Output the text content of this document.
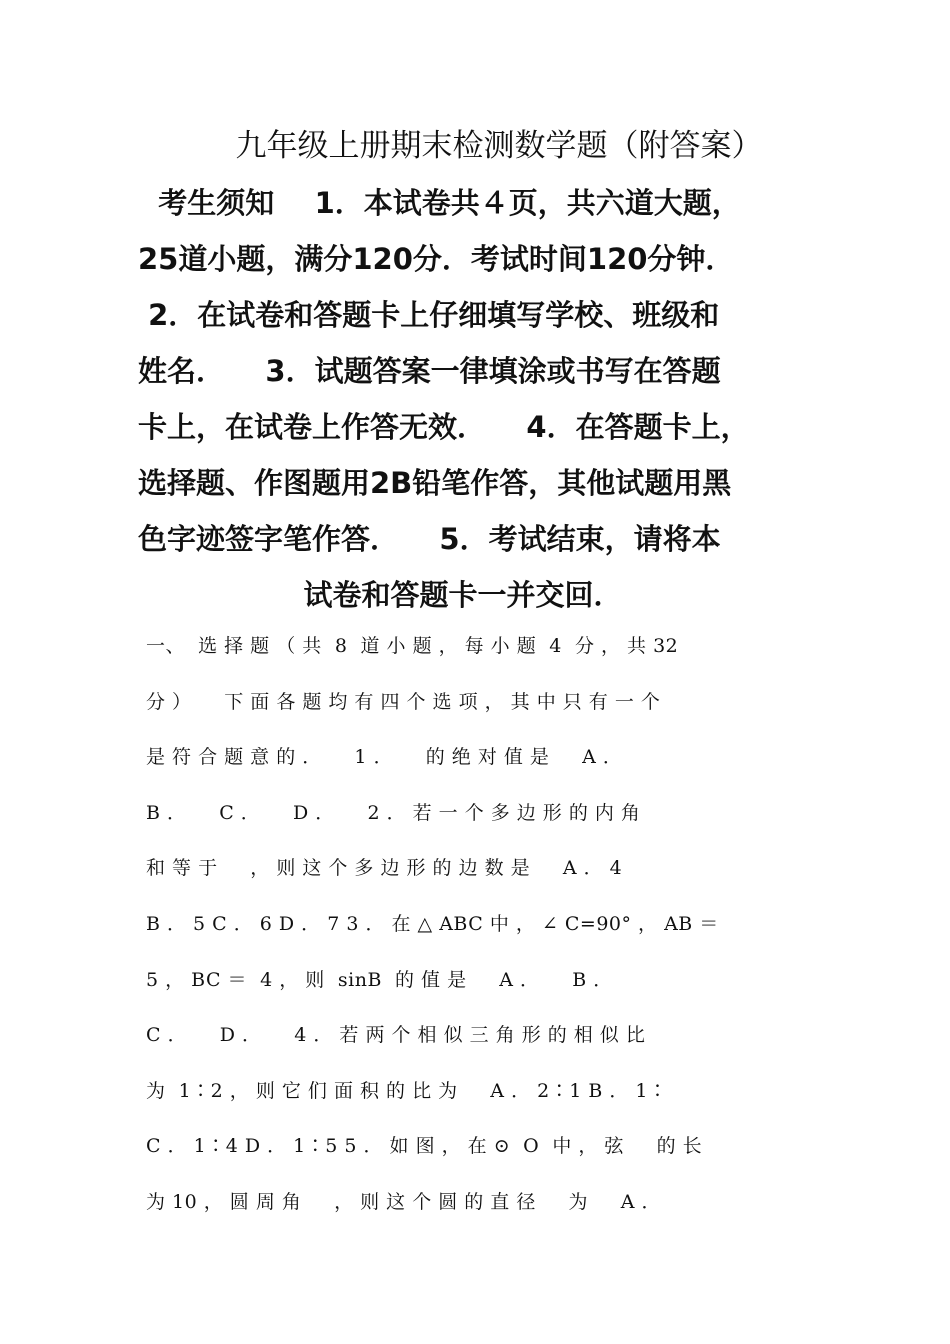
九年级上册期末检测数学题（附答案）
考生须知    1．本试卷共４页，共六道大题，
25道小题，满分120分．考试时间120分钟．
2．在试卷和答题卡上仔细填写学校、班级和
姓名．    3．试题答案一律填涂或书写在答题
卡上，在试卷上作答无效．    4．在答题卡上，
选择题、作图题用2B铅笔作答，其他试题用黑
色字迹签字笔作答．    5．考试结束，请将本
试卷和答题卡一并交回．
一、  选 择 题 （ 共  8  道 小 题 ， 每 小 题  4  分 ， 共 32
分 ）     下 面 各 题 均 有 四 个 选 项 ， 其 中 只 有 一 个
是 符 合 题 意 的 ．     1 ．     的 绝 对 值 是     A ．
B ．     C ．     D ．     2 ． 若 一 个 多 边 形 的 内 角
和 等 于     ， 则 这 个 多 边 形 的 边 数 是     A ． 4
B ． 5 C ． 6 D ． 7 3 ． 在 △ ABC 中 ， ∠ C=90° ， AB ＝
5 ， BC ＝  4 ， 则  sinB  的 值 是     A ．     B ．
C ．     D ．     4 ． 若 两 个 相 似 三 角 形 的 相 似 比
为  1∶2 ， 则 它 们 面 积 的 比 为     A ． 2∶1 B ． 1∶
C ． 1∶4 D ． 1∶5 5 ． 如 图 ， 在 ⊙  O  中 ， 弦     的 长
为 10 ， 圆 周 角     ， 则 这 个 圆 的 直 径     为     A ．
